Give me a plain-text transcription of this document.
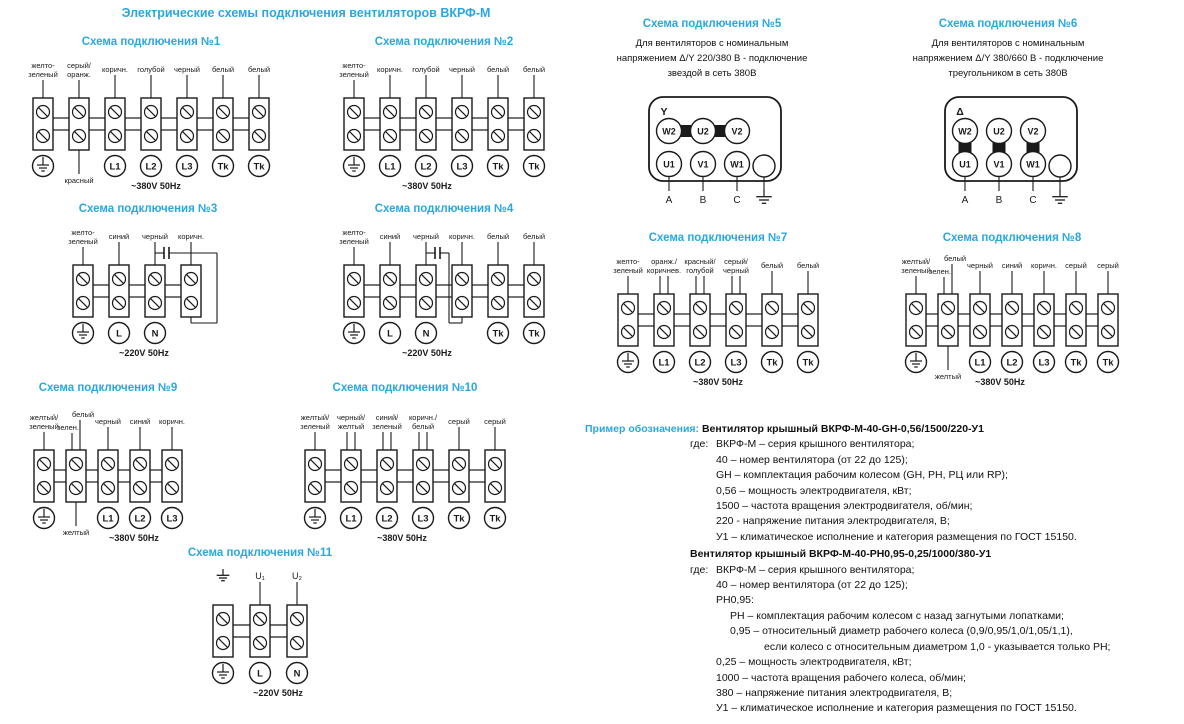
Электрические схемы подключения вентиляторов ВКРФ-М
Схема подключения №1
желто-
зеленый
серый/
оранж.
красный
коричн.
L1
голубой
L2
черный
L3
белый
Tk
белый
Tk
~380V 50Hz
Схема подключения №2
желто-
зеленый
коричн.
L1
голубой
L2
черный
L3
белый
Tk
белый
Tk
~380V 50Hz
Схема подключения №3
желто-
зеленый
синий
L
черный
N
коричн.
~220V 50Hz
Схема подключения №4
желто-
зеленый
синий
L
черный
N
коричн. белый
Tk
белый
Tk
~220V 50Hz
Схема подключения №5
Для вентиляторов с номинальным
напряжением Δ/Y 220/380 В - подключение
звездой в сеть 380В
Y
W2 U2	V2
U1
A
V1
B
W1
C
Схема подключения №6
Для вентиляторов с номинальным
напряжением Δ/Y 380/660 В - подключение
треугольником в сеть 380В
Δ
W2 U2	V2
U1
A
V1
B
W1
C
Схема подключения №7
желто-
зеленый
оранж./
коричнев.
L1
красный/
голубой
L2
серый/
черный
L3
белый
Tk
белый
Tk
~380V 50Hz
Схема подключения №8
желтый/
зеленый
белый
зелен.
желтый
черный
L1
синий
L2
коричн.
L3
серый
Tk
серый
Tk
~380V 50Hz
Схема подключения №9
желтый/
зеленый
белый
зелен.
желтый
черный
L1
синий
L2
коричн.
L3
~380V 50Hz
Схема подключения №10
желтый/
зеленый
черный/
желтый
L1
синий/
зеленый
L2
коричн./
белый
L3
серый
Tk
серый
Tk
~380V 50Hz
Схема подключения №11
U₁
L
U₂
N
~220V 50Hz
Пример обозначения: Вентилятор крышный ВКРФ-М-40-GH-0,56/1500/220-У1
где: ВКРФ-М – серия крышного вентилятора;
40 – номер вентилятора (от 22 до 125);
GH – комплектация рабочим колесом (GH, PH, РЦ или RP);
0,56 – мощность электродвигателя, кВт;
1500 – частота вращения электродвигателя, об/мин;
220 - напряжение питания электродвигателя, В;
У1 – климатическое исполнение и категория размещения по ГОСТ 15150.
Вентилятор крышный ВКРФ-М-40-РН0,95-0,25/1000/380-У1
где: ВКРФ-М – серия крышного вентилятора;
40 – номер вентилятора (от 22 до 125);
РН0,95:
РН – комплектация рабочим колесом с назад загнутыми лопатками;
0,95 – относительный диаметр рабочего колеса (0,9/0,95/1,0/1,05/1,1),
если колесо с относительным диаметром 1,0 - указывается только РН;
0,25 – мощность электродвигателя, кВт;
1000 – частота вращения рабочего колеса, об/мин;
380 – напряжение питания электродвигателя, В;
У1 – климатическое исполнение и категория размещения по ГОСТ 15150.
